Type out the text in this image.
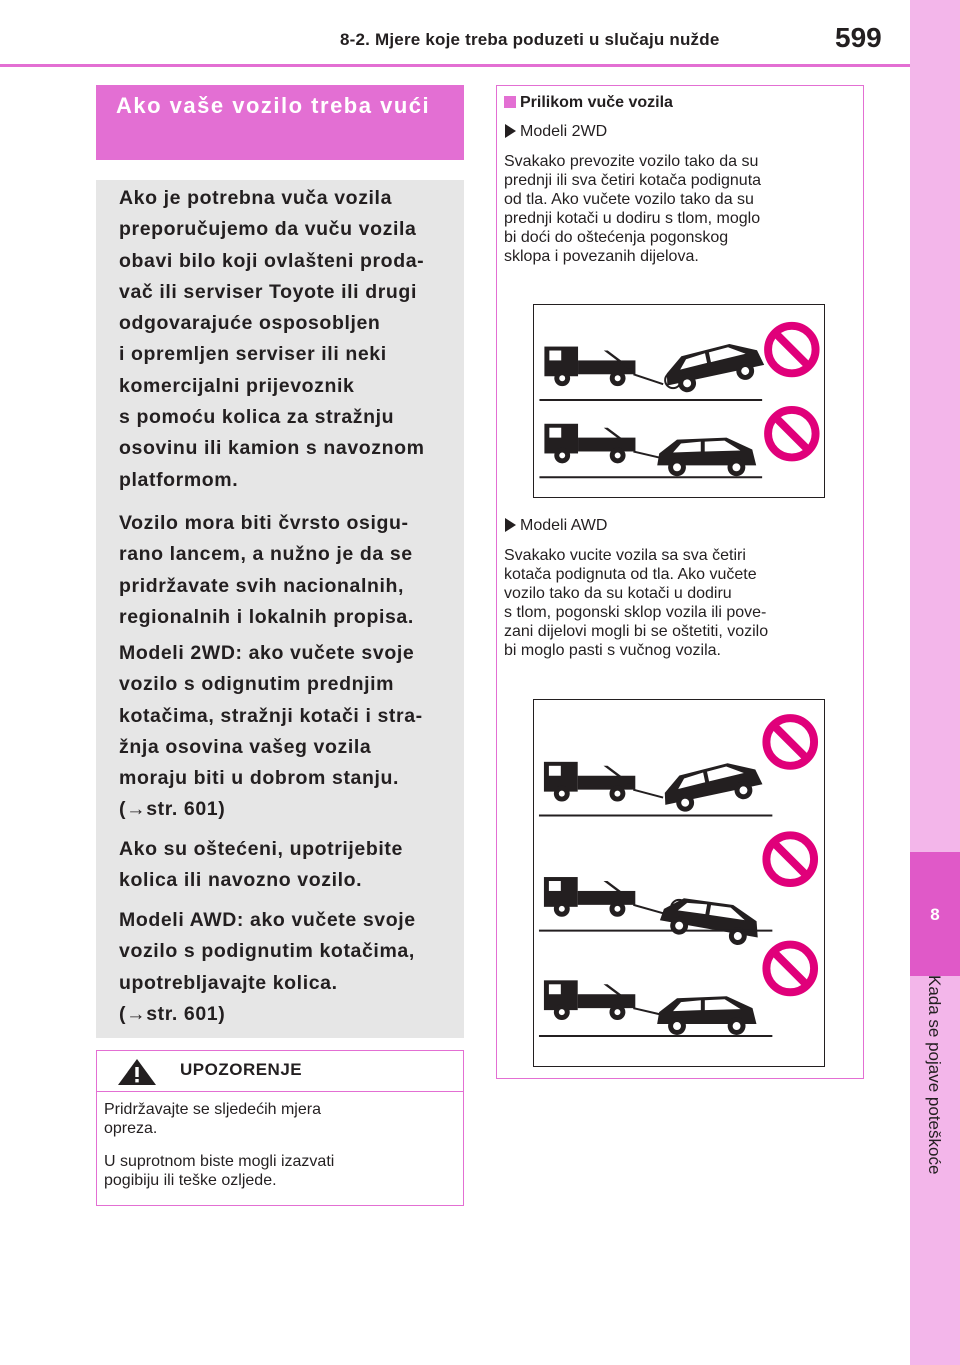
8-2. Mjere koje treba poduzeti u slučaju nužde	599
8
Kada se pojave poteškoće
Ako vaše vozilo treba vući

Ako je potrebna vuča vozila
preporučujemo da vuču vozila
obavi bilo koji ovlašteni proda-
vač ili serviser Toyote ili drugi
odgovarajuće osposobljen
i opremljen serviser ili neki
komercijalni prijevoznik
s pomoću kolica za stražnju
osovinu ili kamion s navoznom
platformom.

Vozilo mora biti čvrsto osigu-
rano lancem, a nužno je da se
pridržavate svih nacionalnih,
regionalnih i lokalnih propisa.

Modeli 2WD: ako vučete svoje
vozilo s odignutim prednjim
kotačima, stražnji kotači i stra-
žnja osovina vašeg vozila
moraju biti u dobrom stanju.
(→str. 601)

Ako su oštećeni, upotrijebite
kolica ili navozno vozilo.

Modeli AWD: ako vučete svoje
vozilo s podignutim kotačima,
upotrebljavajte kolica.
(→str. 601)

UPOZORENJE

Pridržavajte se sljedećih mjera
opreza.

U suprotnom biste mogli izazvati
pogibiju ili teške ozljede.

Prilikom vuče vozila
Modeli 2WD

Svakako prevozite vozilo tako da su
prednji ili sva četiri kotača podignuta
od tla. Ako vučete vozilo tako da su
prednji kotači u dodiru s tlom, moglo
bi doći do oštećenja pogonskog
sklopa i povezanih dijelova.

Modeli AWD

Svakako vucite vozila sa sva četiri
kotača podignuta od tla. Ako vučete
vozilo tako da su kotači u dodiru
s tlom, pogonski sklop vozila ili pove-
zani dijelovi mogli bi se oštetiti, vozilo
bi moglo pasti s vučnog vozila.
